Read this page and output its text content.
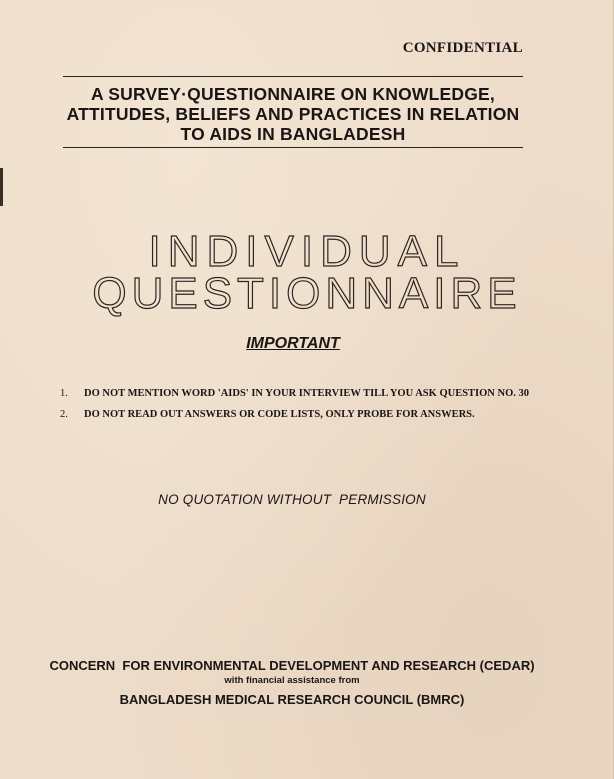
CONFIDENTIAL
A SURVEY·QUESTIONNAIRE ON KNOWLEDGE,
ATTITUDES, BELIEFS AND PRACTICES IN RELATION
TO AIDS IN BANGLADESH
INDIVIDUAL
QUESTIONNAIRE
IMPORTANT
1.	DO NOT MENTION WORD 'AIDS' IN YOUR INTERVIEW TILL YOU ASK QUESTION NO. 30
2.	DO NOT READ OUT ANSWERS OR CODE LISTS, ONLY PROBE FOR ANSWERS.
NO QUOTATION WITHOUT  PERMISSION
CONCERN  FOR ENVIRONMENTAL DEVELOPMENT AND RESEARCH (CEDAR)
with financial assistance from
BANGLADESH MEDICAL RESEARCH COUNCIL (BMRC)
